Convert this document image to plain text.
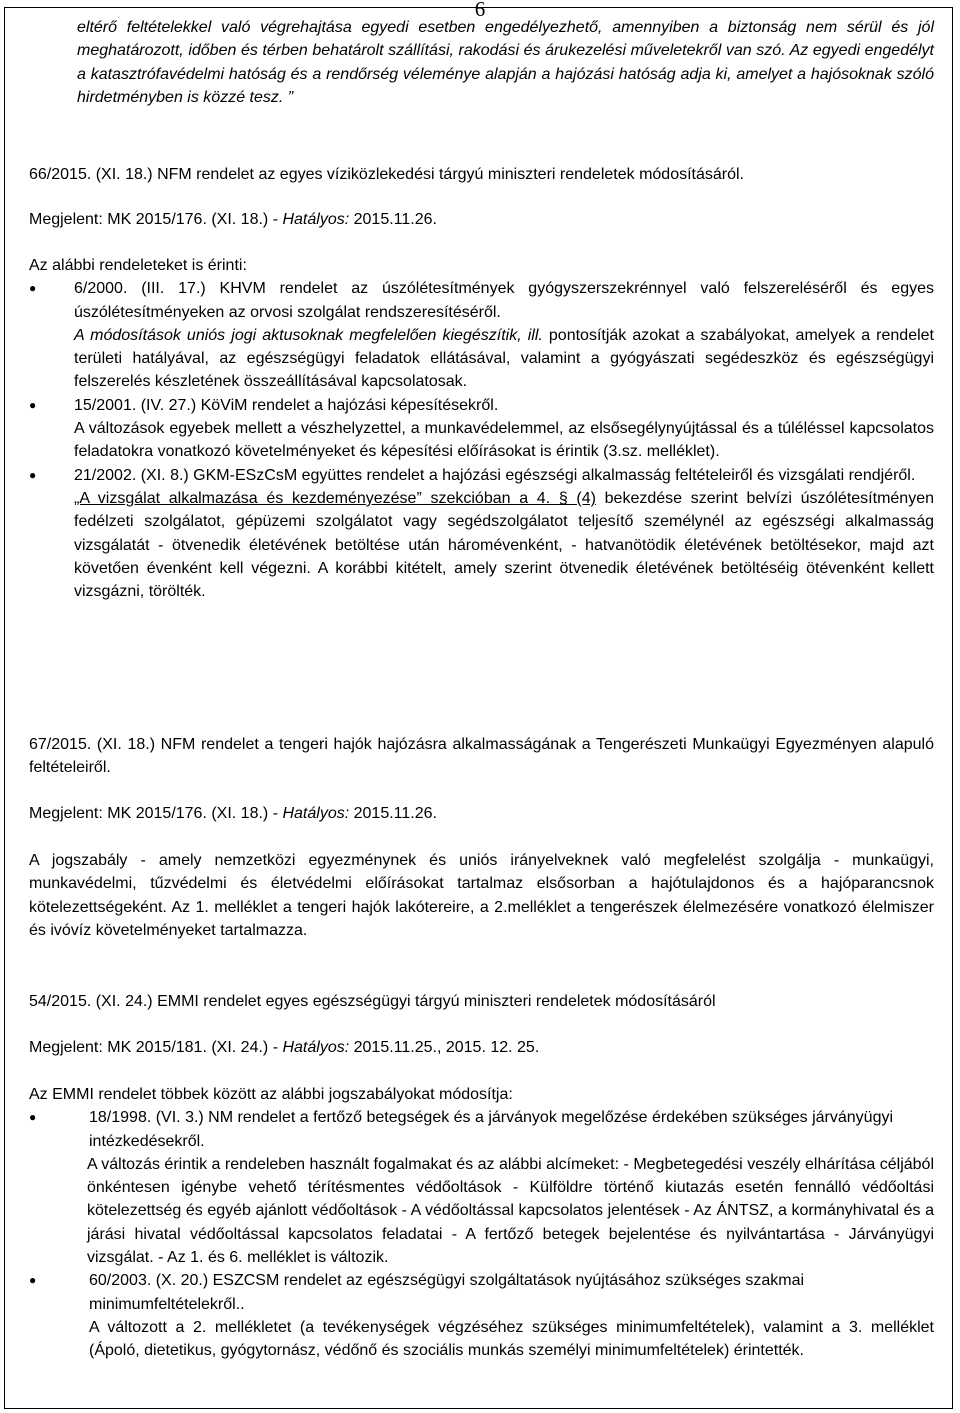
6

eltérő feltételekkel való végrehajtása egyedi esetben engedélyezhető, amennyiben a biztonság nem sérül és jól meghatározott, időben és térben behatárolt szállítási, rakodási és árukezelési műveletekről van szó. Az egyedi engedélyt a katasztrófavédelmi hatóság és a rendőrség véleménye alapján a hajózási hatóság adja ki, amelyet a hajósoknak szóló hirdetményben is közzé tesz. ”

66/2015. (XI. 18.) NFM rendelet az egyes víziközlekedési tárgyú miniszteri rendeletek módosításáról.

Megjelent: MK 2015/176. (XI. 18.) - Hatályos: 2015.11.26.

Az alábbi rendeleteket is érinti:

● 6/2000. (III. 17.) KHVM rendelet az úszólétesítmények gyógyszerszekrénnyel való felszereléséről és egyes úszólétesítményeken az orvosi szolgálat rendszeresítéséről.
A módosítások uniós jogi aktusoknak megfelelően kiegészítik, ill. pontosítják azokat a szabályokat, amelyek a rendelet területi hatályával, az egészségügyi feladatok ellátásával, valamint a gyógyászati segédeszköz és egészségügyi felszerelés készletének összeállításával kapcsolatosak.
● 15/2001. (IV. 27.) KöViM rendelet a hajózási képesítésekről.
A változások egyebek mellett a vészhelyzettel, a munkavédelemmel, az elsősegélynyújtással és a túléléssel kapcsolatos feladatokra vonatkozó követelményeket és képesítési előírásokat is érintik (3.sz. melléklet).
● 21/2002. (XI. 8.) GKM-ESzCsM együttes rendelet a hajózási egészségi alkalmasság feltételeiről és vizsgálati rendjéről.
„A vizsgálat alkalmazása és kezdeményezése” szekcióban a 4. § (4) bekezdése szerint belvízi úszólétesítményen fedélzeti szolgálatot, gépüzemi szolgálatot vagy segédszolgálatot teljesítő személynél az egészségi alkalmasság vizsgálatát - ötvenedik életévének betöltése után háromévenként, - hatvanötödik életévének betöltésekor, majd azt követően évenként kell végezni. A korábbi kitételt, amely szerint ötvenedik életévének betöltéséig ötévenként kellett vizsgázni, törölték.

67/2015. (XI. 18.) NFM rendelet a tengeri hajók hajózásra alkalmasságának a Tengerészeti Munkaügyi Egyezményen alapuló feltételeiről.

Megjelent: MK 2015/176. (XI. 18.) - Hatályos: 2015.11.26.

A jogszabály - amely nemzetközi egyezménynek és uniós irányelveknek való megfelelést szolgálja - munkaügyi, munkavédelmi, tűzvédelmi és életvédelmi előírásokat tartalmaz elsősorban a hajótulajdonos és a hajóparancsnok kötelezettségeként. Az 1. melléklet a tengeri hajók lakótereire, a 2.melléklet a tengerészek élelmezésére vonatkozó élelmiszer és ivóvíz követelményeket tartalmazza.

54/2015. (XI. 24.) EMMI rendelet egyes egészségügyi tárgyú miniszteri rendeletek módosításáról

Megjelent: MK 2015/181. (XI. 24.) - Hatályos: 2015.11.25., 2015. 12. 25.

Az EMMI rendelet többek között az alábbi jogszabályokat módosítja:

● 18/1998. (VI. 3.) NM rendelet a fertőző betegségek és a járványok megelőzése érdekében szükséges járványügyi intézkedésekről.
A változás érintik a rendeleben használt fogalmakat és az alábbi alcímeket: - Megbetegedési veszély elhárítása céljából önkéntesen igénybe vehető térítésmentes védőoltások - Külföldre történő kiutazás esetén fennálló védőoltási kötelezettség és egyéb ajánlott védőoltások - A védőoltással kapcsolatos jelentések - Az ÁNTSZ, a kormányhivatal és a járási hivatal védőoltással kapcsolatos feladatai - A fertőző betegek bejelentése és nyilvántartása - Járványügyi vizsgálat. - Az 1. és 6. melléklet is változik.
● 60/2003. (X. 20.) ESZCSM rendelet az egészségügyi szolgáltatások nyújtásához szükséges szakmai minimumfeltételekről..
A változott a 2. mellékletet (a tevékenységek végzéséhez szükséges minimumfeltételek), valamint a 3. melléklet (Ápoló, dietetikus, gyógytornász, védőnő és szociális munkás személyi minimumfeltételek) érintették.
